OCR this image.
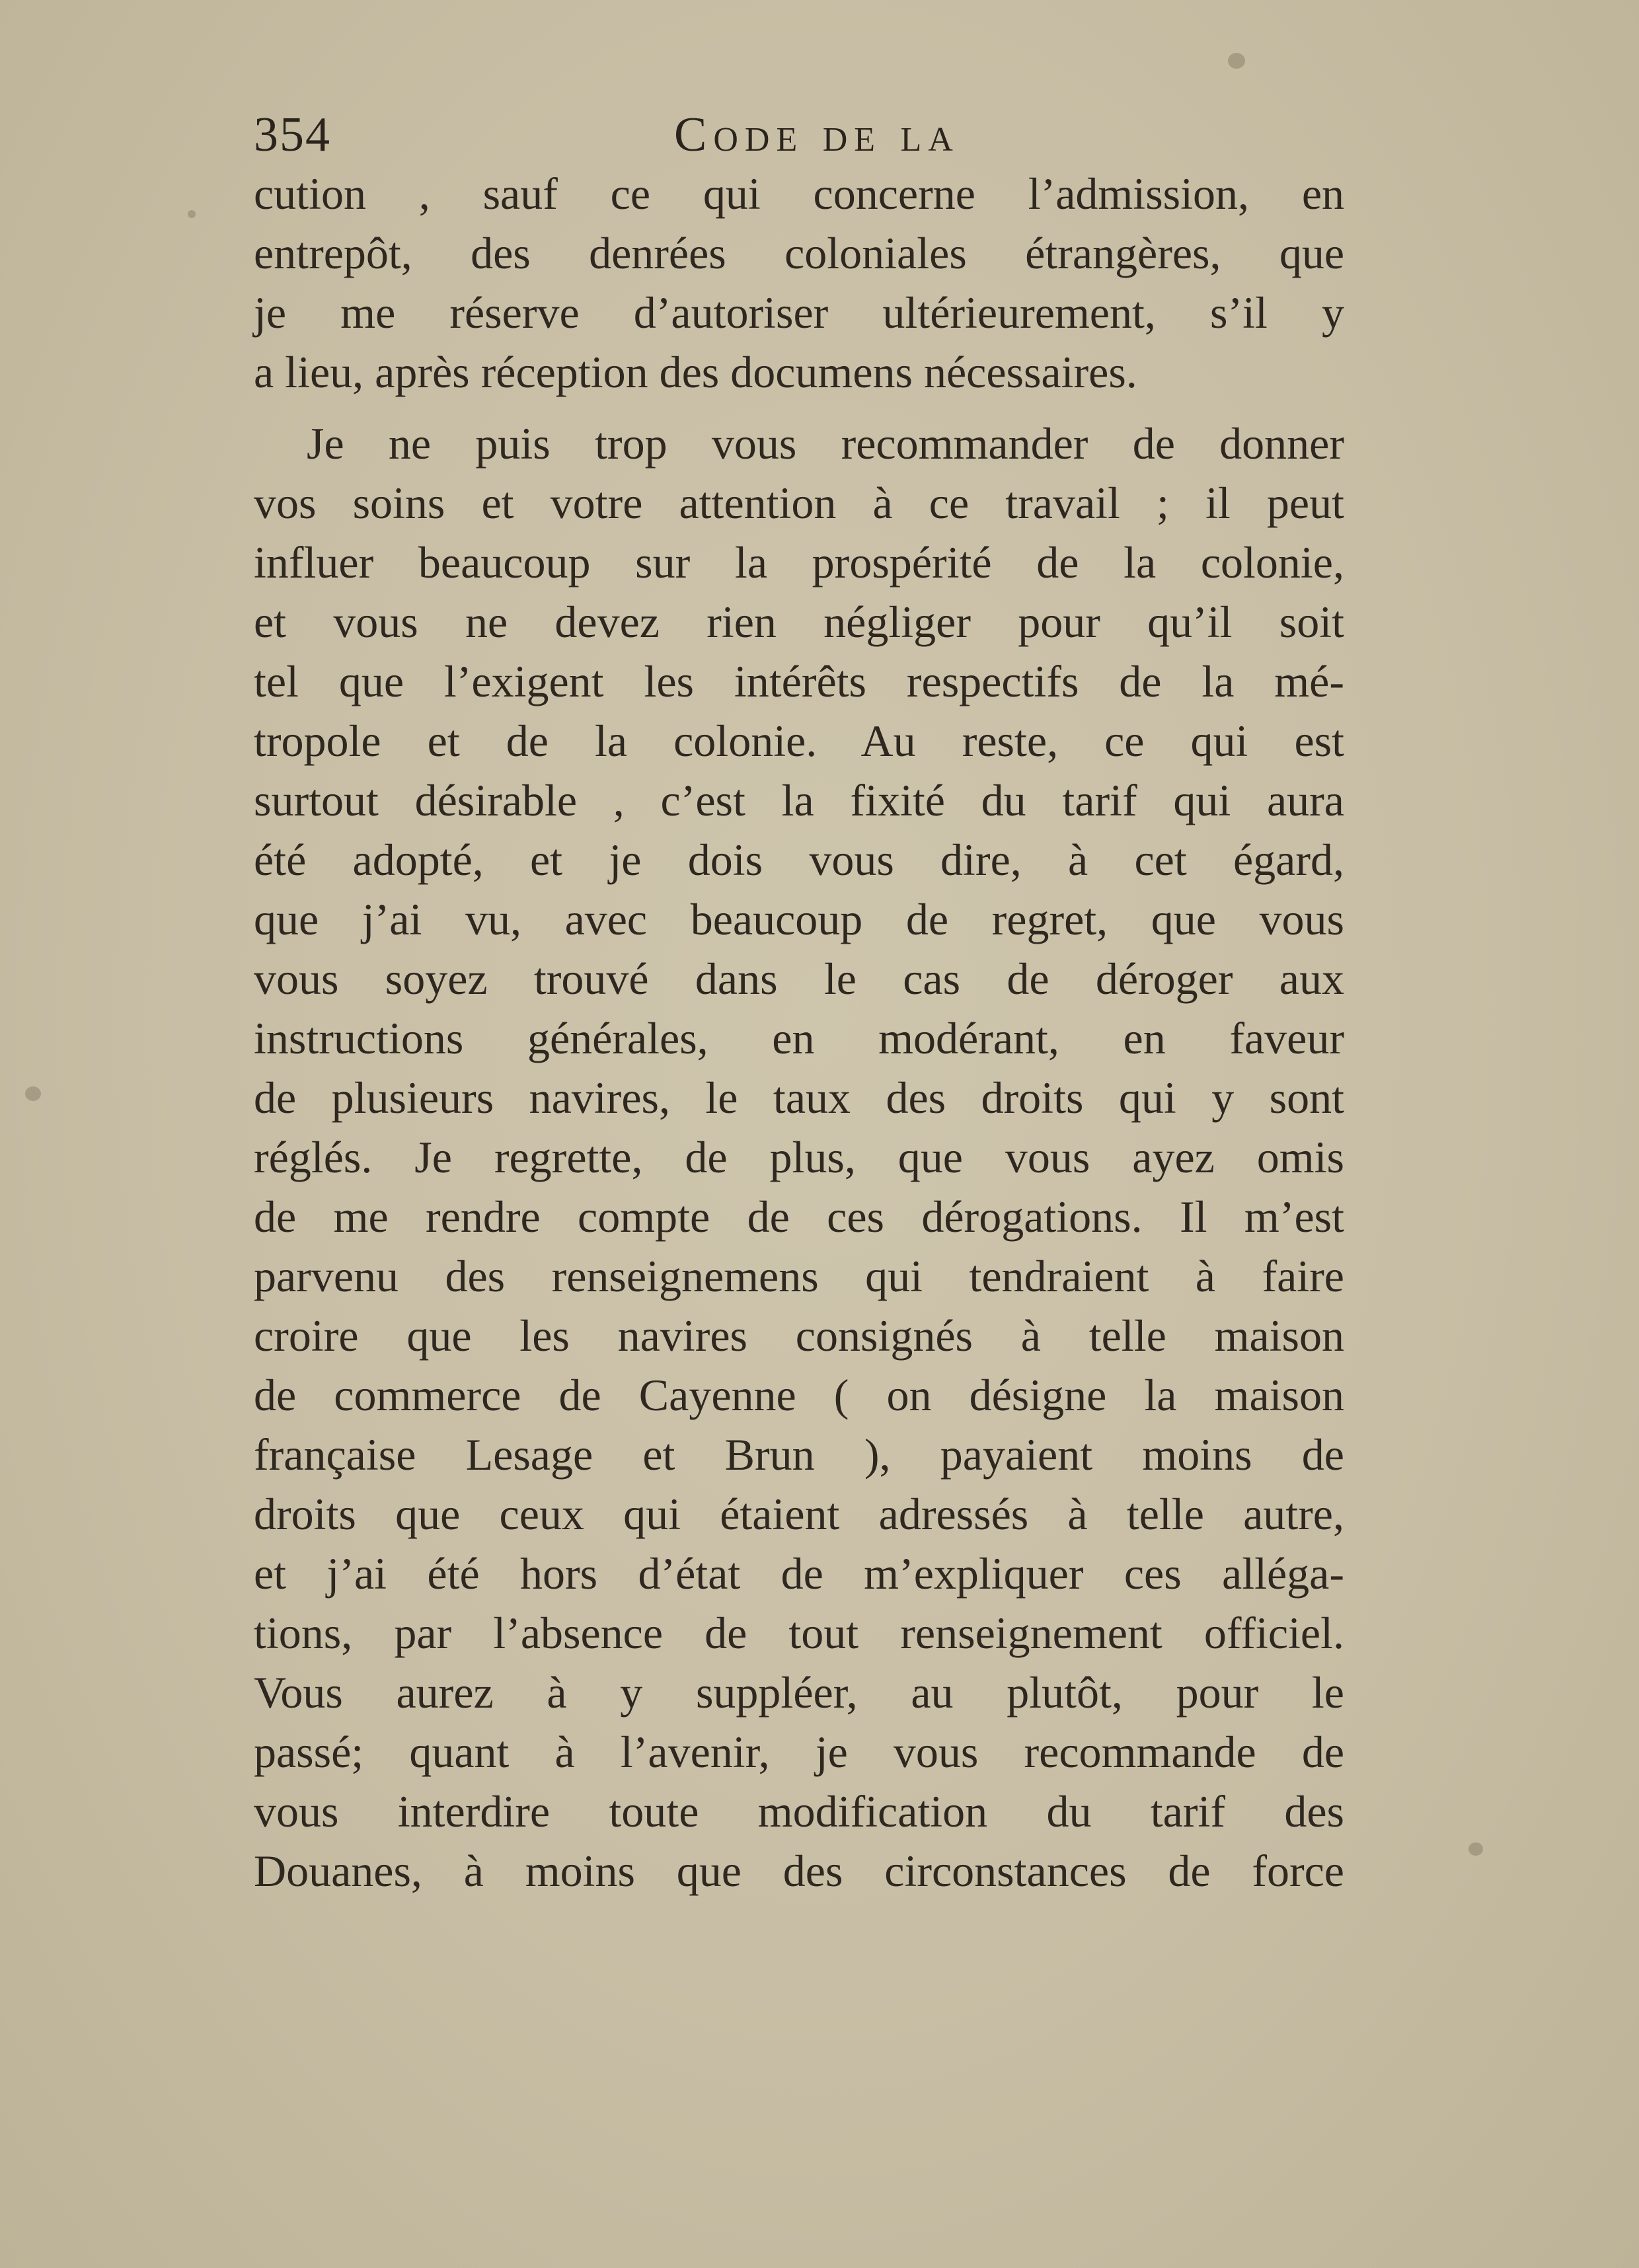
354	Code de la
cution , sauf ce qui concerne l’admission, en
entrepôt, des denrées coloniales étrangères, que
je me réserve d’autoriser ultérieurement, s’il y
a lieu, après réception des documens nécessaires.
Je ne puis trop vous recommander de donner
vos soins et votre attention à ce travail ; il peut
influer beaucoup sur la prospérité de la colonie,
et vous ne devez rien négliger pour qu’il soit
tel que l’exigent les intérêts respectifs de la mé-
tropole et de la colonie. Au reste, ce qui est
surtout désirable , c’est la fixité du tarif qui aura
été adopté, et je dois vous dire, à cet égard,
que j’ai vu, avec beaucoup de regret, que vous
vous soyez trouvé dans le cas de déroger aux
instructions générales, en modérant, en faveur
de plusieurs navires, le taux des droits qui y sont
réglés. Je regrette, de plus, que vous ayez omis
de me rendre compte de ces dérogations. Il m’est
parvenu des renseignemens qui tendraient à faire
croire que les navires consignés à telle maison
de commerce de Cayenne ( on désigne la maison
française Lesage et Brun ), payaient moins de
droits que ceux qui étaient adressés à telle autre,
et j’ai été hors d’état de m’expliquer ces alléga-
tions, par l’absence de tout renseignement officiel.
Vous aurez à y suppléer, au plutôt, pour le
passé; quant à l’avenir, je vous recommande de
vous interdire toute modification du tarif des
Douanes, à moins que des circonstances de force
